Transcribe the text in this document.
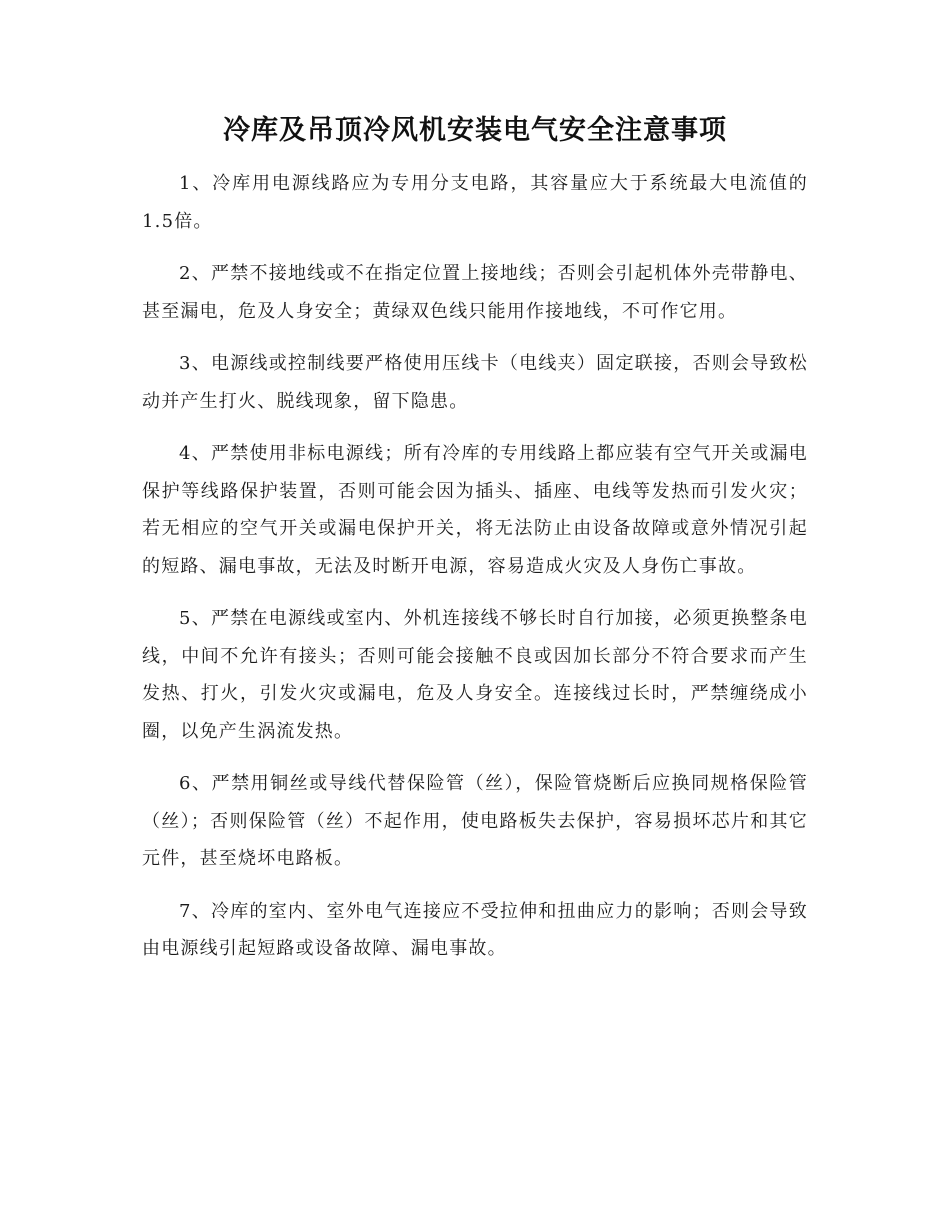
冷库及吊顶冷风机安装电气安全注意事项

1、冷库用电源线路应为专用分支电路，其容量应大于系统最大电流值的1.5倍。

2、严禁不接地线或不在指定位置上接地线；否则会引起机体外壳带静电、甚至漏电，危及人身安全；黄绿双色线只能用作接地线，不可作它用。

3、电源线或控制线要严格使用压线卡（电线夹）固定联接，否则会导致松动并产生打火、脱线现象，留下隐患。

4、严禁使用非标电源线；所有冷库的专用线路上都应装有空气开关或漏电保护等线路保护装置，否则可能会因为插头、插座、电线等发热而引发火灾；若无相应的空气开关或漏电保护开关，将无法防止由设备故障或意外情况引起的短路、漏电事故，无法及时断开电源，容易造成火灾及人身伤亡事故。

5、严禁在电源线或室内、外机连接线不够长时自行加接，必须更换整条电线，中间不允许有接头；否则可能会接触不良或因加长部分不符合要求而产生发热、打火，引发火灾或漏电，危及人身安全。连接线过长时，严禁缠绕成小圈，以免产生涡流发热。

6、严禁用铜丝或导线代替保险管（丝），保险管烧断后应换同规格保险管（丝）；否则保险管（丝）不起作用，使电路板失去保护，容易损坏芯片和其它元件，甚至烧坏电路板。

7、冷库的室内、室外电气连接应不受拉伸和扭曲应力的影响；否则会导致由电源线引起短路或设备故障、漏电事故。
